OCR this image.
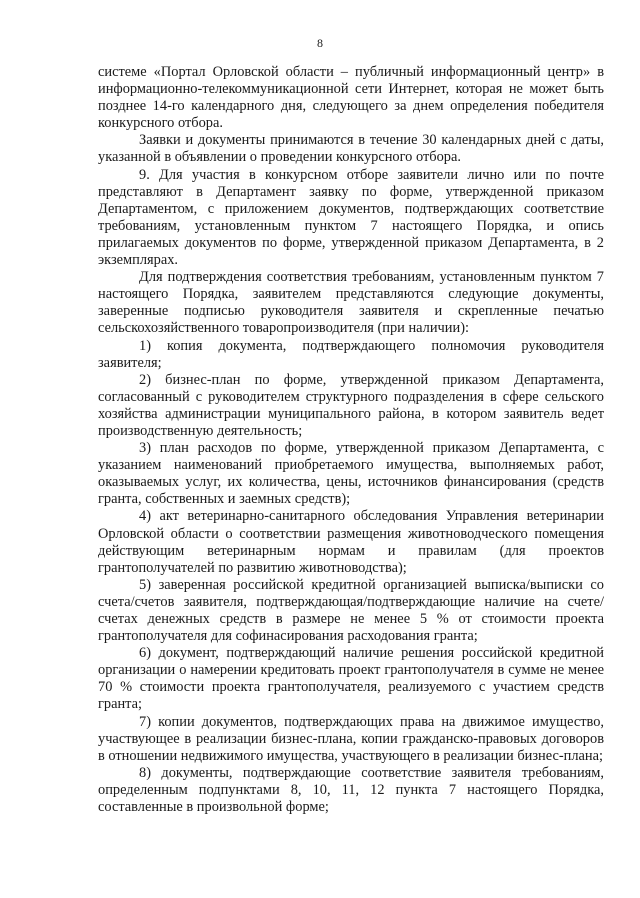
8

системе «Портал Орловской области – публичный информационный центр» в информационно-телекоммуникационной сети Интернет, которая не может быть позднее 14-го календарного дня, следующего за днем определения победителя конкурсного отбора.

Заявки и документы принимаются в течение 30 календарных дней с даты, указанной в объявлении о проведении конкурсного отбора.

9. Для участия в конкурсном отборе заявители лично или по почте представляют в Департамент заявку по форме, утвержденной приказом Департаментом, с приложением документов, подтверждающих соответствие требованиям, установленным пунктом 7 настоящего Порядка, и опись прилагаемых документов по форме, утвержденной приказом Департамента, в 2 экземплярах.

Для подтверждения соответствия требованиям, установленным пунктом 7 настоящего Порядка, заявителем представляются следующие документы, заверенные подписью руководителя заявителя и скрепленные печатью сельскохозяйственного товаропроизводителя (при наличии):

1) копия документа, подтверждающего полномочия руководителя заявителя;

2) бизнес-план по форме, утвержденной приказом Департамента, согласованный с руководителем структурного подразделения в сфере сельского хозяйства администрации муниципального района, в котором заявитель ведет производственную деятельность;

3) план расходов по форме, утвержденной приказом Департамента, с указанием наименований приобретаемого имущества, выполняемых работ, оказываемых услуг, их количества, цены, источников финансирования (средств гранта, собственных и заемных средств);

4) акт ветеринарно-санитарного обследования Управления ветеринарии Орловской области о соответствии размещения животноводческого помещения действующим ветеринарным нормам и правилам (для проектов грантополучателей по развитию животноводства);

5) заверенная российской кредитной организацией выписка/выписки со счета/счетов заявителя, подтверждающая/подтверждающие наличие на счете/счетах денежных средств в размере не менее 5 % от стоимости проекта грантополучателя для софинасирования расходования гранта;

6) документ, подтверждающий наличие решения российской кредитной организации о намерении кредитовать проект грантополучателя в сумме не менее 70 % стоимости проекта грантополучателя, реализуемого с участием средств гранта;

7) копии документов, подтверждающих права на движимое имущество, участвующее в реализации бизнес-плана, копии гражданско-правовых договоров в отношении недвижимого имущества, участвующего в реализации бизнес-плана;

8) документы, подтверждающие соответствие заявителя требованиям, определенным подпунктами 8, 10, 11, 12 пункта 7 настоящего Порядка, составленные в произвольной форме;
